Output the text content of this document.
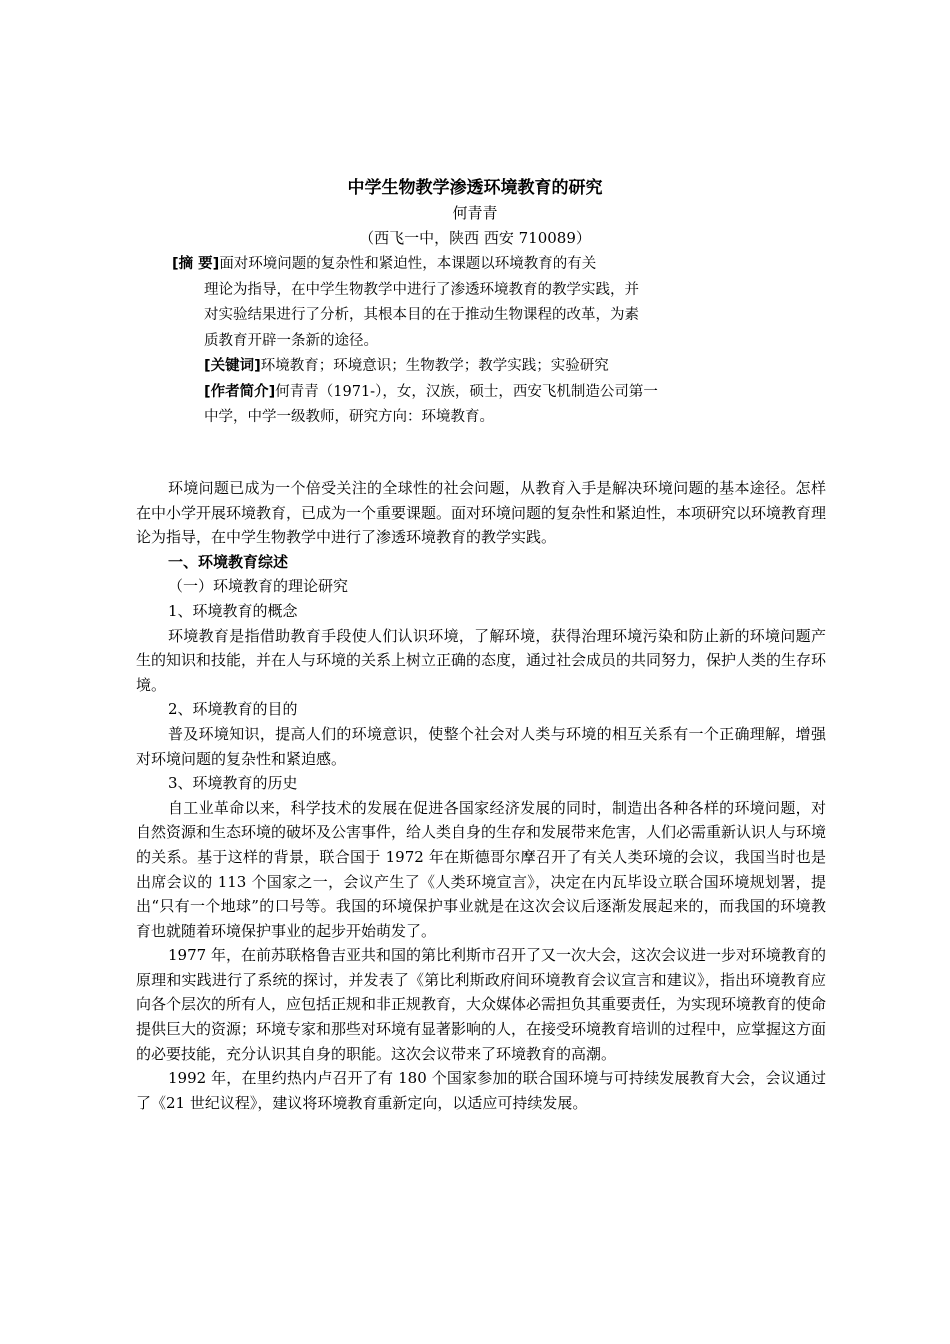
中学生物教学渗透环境教育的研究
何青青
（西飞一中，陕西 西安 710089）
[摘 要]面对环境问题的复杂性和紧迫性，本课题以环境教育的有关
理论为指导，在中学生物教学中进行了渗透环境教育的教学实践，并
对实验结果进行了分析，其根本目的在于推动生物课程的改革，为素
质教育开辟一条新的途径。
[关键词]环境教育；环境意识；生物教学；教学实践；实验研究
[作者简介]何青青（1971-），女，汉族，硕士，西安飞机制造公司第一
中学，中学一级教师，研究方向：环境教育。

环境问题已成为一个倍受关注的全球性的社会问题，从教育入手是解决环境问题的基本途径。怎样在中小学开展环境教育，已成为一个重要课题。面对环境问题的复杂性和紧迫性，本项研究以环境教育理论为指导，在中学生物教学中进行了渗透环境教育的教学实践。

一、环境教育综述
（一）环境教育的理论研究
1、环境教育的概念

环境教育是指借助教育手段使人们认识环境，了解环境，获得治理环境污染和防止新的环境问题产生的知识和技能，并在人与环境的关系上树立正确的态度，通过社会成员的共同努力，保护人类的生存环境。

2、环境教育的目的

普及环境知识，提高人们的环境意识，使整个社会对人类与环境的相互关系有一个正确理解，增强对环境问题的复杂性和紧迫感。

3、环境教育的历史

自工业革命以来，科学技术的发展在促进各国家经济发展的同时，制造出各种各样的环境问题，对自然资源和生态环境的破坏及公害事件，给人类自身的生存和发展带来危害，人们必需重新认识人与环境的关系。基于这样的背景，联合国于 1972 年在斯德哥尔摩召开了有关人类环境的会议，我国当时也是出席会议的 113 个国家之一，会议产生了《人类环境宣言》，决定在内瓦毕设立联合国环境规划署，提出“只有一个地球”的口号等。我国的环境保护事业就是在这次会议后逐渐发展起来的，而我国的环境教育也就随着环境保护事业的起步开始萌发了。

1977 年，在前苏联格鲁吉亚共和国的第比利斯市召开了又一次大会，这次会议进一步对环境教育的原理和实践进行了系统的探讨，并发表了《第比利斯政府间环境教育会议宣言和建议》，指出环境教育应向各个层次的所有人，应包括正规和非正规教育，大众媒体必需担负其重要责任，为实现环境教育的使命提供巨大的资源；环境专家和那些对环境有显著影响的人，在接受环境教育培训的过程中，应掌握这方面的必要技能，充分认识其自身的职能。这次会议带来了环境教育的高潮。

1992 年，在里约热内卢召开了有 180 个国家参加的联合国环境与可持续发展教育大会，会议通过了《21 世纪议程》，建议将环境教育重新定向，以适应可持续发展。
